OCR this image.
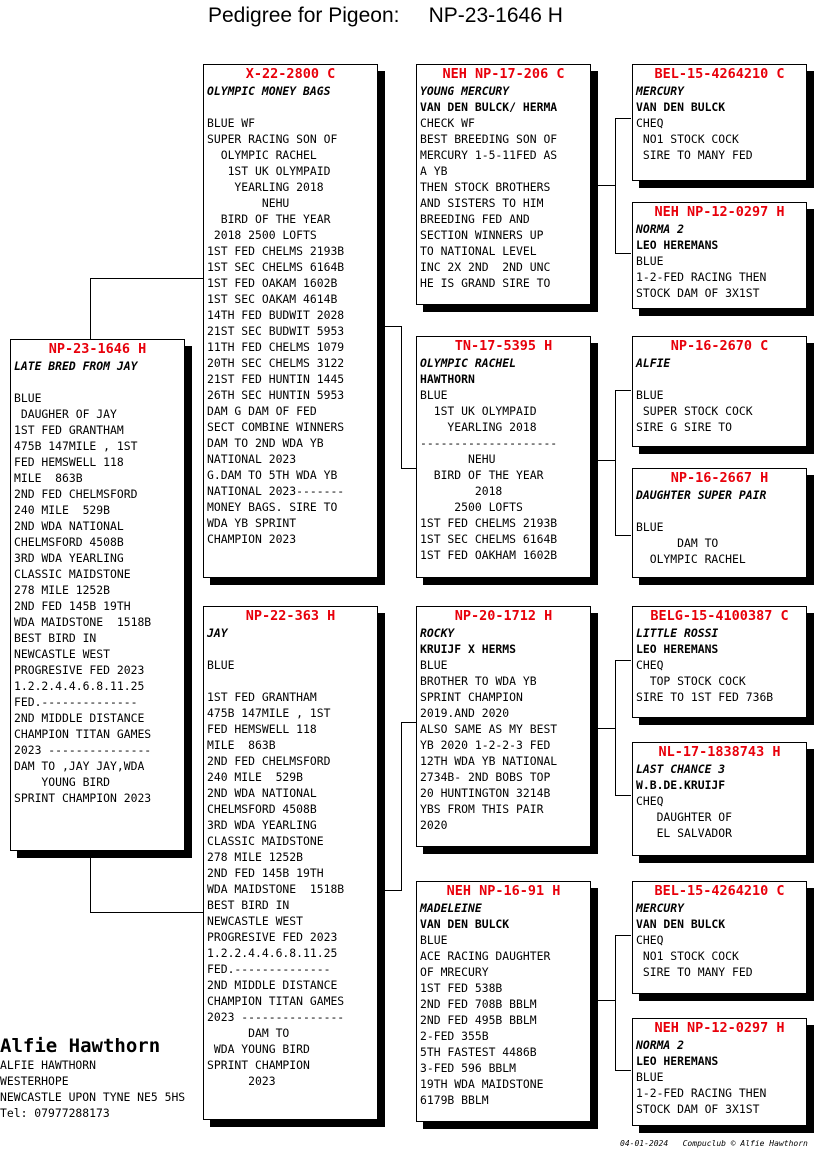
Pedigree for Pigeon:     NP-23-1646 H
NP-23-1646 H
LATE BRED FROM JAY

BLUE
DAUGHER OF JAY
1ST FED GRANTHAM
475B 147MILE , 1ST
FED HEMSWELL 118
MILE  863B
2ND FED CHELMSFORD
240 MILE  529B
2ND WDA NATIONAL
CHELMSFORD 4508B
3RD WDA YEARLING
CLASSIC MAIDSTONE
278 MILE 1252B
2ND FED 145B 19TH
WDA MAIDSTONE  1518B
BEST BIRD IN
NEWCASTLE WEST
PROGRESIVE FED 2023
1.2.2.4.4.6.8.11.25
FED.--------------
2ND MIDDLE DISTANCE
CHAMPION TITAN GAMES
2023 ---------------
DAM TO ,JAY JAY,WDA
YOUNG BIRD
SPRINT CHAMPION 2023
X-22-2800 C
OLYMPIC MONEY BAGS

BLUE WF
SUPER RACING SON OF
OLYMPIC RACHEL
1ST UK OLYMPAID
YEARLING 2018
NEHU
BIRD OF THE YEAR
2018 2500 LOFTS
1ST FED CHELMS 2193B
1ST SEC CHELMS 6164B
1ST FED OAKAM 1602B
1ST SEC OAKAM 4614B
14TH FED BUDWIT 2028
21ST SEC BUDWIT 5953
11TH FED CHELMS 1079
20TH SEC CHELMS 3122
21ST FED HUNTIN 1445
26TH SEC HUNTIN 5953
DAM G DAM OF FED
SECT COMBINE WINNERS
DAM TO 2ND WDA YB
NATIONAL 2023
G.DAM TO 5TH WDA YB
NATIONAL 2023-------
MONEY BAGS. SIRE TO
WDA YB SPRINT
CHAMPION 2023
NP-22-363 H
JAY

BLUE

1ST FED GRANTHAM
475B 147MILE , 1ST
FED HEMSWELL 118
MILE  863B
2ND FED CHELMSFORD
240 MILE  529B
2ND WDA NATIONAL
CHELMSFORD 4508B
3RD WDA YEARLING
CLASSIC MAIDSTONE
278 MILE 1252B
2ND FED 145B 19TH
WDA MAIDSTONE  1518B
BEST BIRD IN
NEWCASTLE WEST
PROGRESIVE FED 2023
1.2.2.4.4.6.8.11.25
FED.--------------
2ND MIDDLE DISTANCE
CHAMPION TITAN GAMES
2023 ---------------
DAM TO
WDA YOUNG BIRD
SPRINT CHAMPION
2023
NEH NP-17-206 C
YOUNG MERCURY
VAN DEN BULCK/ HERMA
CHECK WF
BEST BREEDING SON OF
MERCURY 1-5-11FED AS
A YB
THEN STOCK BROTHERS
AND SISTERS TO HIM
BREEDING FED AND
SECTION WINNERS UP
TO NATIONAL LEVEL
INC 2X 2ND  2ND UNC
HE IS GRAND SIRE TO
TN-17-5395 H
OLYMPIC RACHEL
HAWTHORN
BLUE
1ST UK OLYMPAID
YEARLING 2018
--------------------
NEHU
BIRD OF THE YEAR
2018
2500 LOFTS
1ST FED CHELMS 2193B
1ST SEC CHELMS 6164B
1ST FED OAKHAM 1602B
NP-20-1712 H
ROCKY
KRUIJF X HERMS
BLUE
BROTHER TO WDA YB
SPRINT CHAMPION
2019.AND 2020
ALSO SAME AS MY BEST
YB 2020 1-2-2-3 FED
12TH WDA YB NATIONAL
2734B- 2ND BOBS TOP
20 HUNTINGTON 3214B
YBS FROM THIS PAIR
2020
NEH NP-16-91 H
MADELEINE
VAN DEN BULCK
BLUE
ACE RACING DAUGHTER
OF MRECURY
1ST FED 538B
2ND FED 708B BBLM
2ND FED 495B BBLM
2-FED 355B
5TH FASTEST 4486B
3-FED 596 BBLM
19TH WDA MAIDSTONE
6179B BBLM
BEL-15-4264210 C
MERCURY
VAN DEN BULCK
CHEQ
NO1 STOCK COCK
SIRE TO MANY FED
NEH NP-12-0297 H
NORMA 2
LEO HEREMANS
BLUE
1-2-FED RACING THEN
STOCK DAM OF 3X1ST
NP-16-2670 C
ALFIE

BLUE
SUPER STOCK COCK
SIRE G SIRE TO
NP-16-2667 H
DAUGHTER SUPER PAIR

BLUE
DAM TO
OLYMPIC RACHEL
BELG-15-4100387 C
LITTLE ROSSI
LEO HEREMANS
CHEQ
TOP STOCK COCK
SIRE TO 1ST FED 736B
NL-17-1838743 H
LAST CHANCE 3
W.B.DE.KRUIJF
CHEQ
DAUGHTER OF
EL SALVADOR
BEL-15-4264210 C
MERCURY
VAN DEN BULCK
CHEQ
NO1 STOCK COCK
SIRE TO MANY FED
NEH NP-12-0297 H
NORMA 2
LEO HEREMANS
BLUE
1-2-FED RACING THEN
STOCK DAM OF 3X1ST
Alfie Hawthorn
ALFIE HAWTHORN
WESTERHOPE
NEWCASTLE UPON TYNE NE5 5HS
Tel: 07977288173
04-01-2024   Compuclub © Alfie Hawthorn
